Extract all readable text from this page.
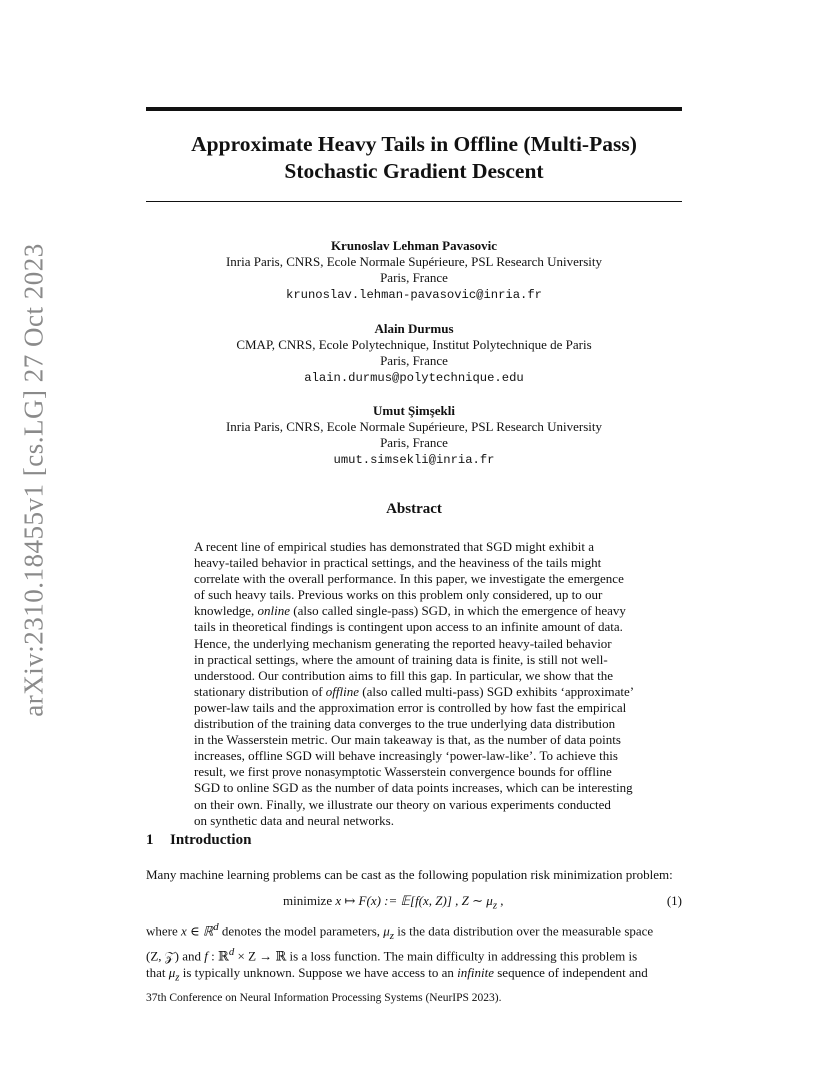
arXiv:2310.18455v1 [cs.LG] 27 Oct 2023
Approximate Heavy Tails in Offline (Multi-Pass)
Stochastic Gradient Descent
Krunoslav Lehman Pavasovic
Inria Paris, CNRS, Ecole Normale Supérieure, PSL Research University
Paris, France
krunoslav.lehman-pavasovic@inria.fr
Alain Durmus
CMAP, CNRS, Ecole Polytechnique, Institut Polytechnique de Paris
Paris, France
alain.durmus@polytechnique.edu
Umut Şimşekli
Inria Paris, CNRS, Ecole Normale Supérieure, PSL Research University
Paris, France
umut.simsekli@inria.fr
Abstract
A recent line of empirical studies has demonstrated that SGD might exhibit a
heavy-tailed behavior in practical settings, and the heaviness of the tails might
correlate with the overall performance. In this paper, we investigate the emergence
of such heavy tails. Previous works on this problem only considered, up to our
knowledge, online (also called single-pass) SGD, in which the emergence of heavy
tails in theoretical findings is contingent upon access to an infinite amount of data.
Hence, the underlying mechanism generating the reported heavy-tailed behavior
in practical settings, where the amount of training data is finite, is still not well-
understood. Our contribution aims to fill this gap. In particular, we show that the
stationary distribution of offline (also called multi-pass) SGD exhibits ‘approximate’
power-law tails and the approximation error is controlled by how fast the empirical
distribution of the training data converges to the true underlying data distribution
in the Wasserstein metric. Our main takeaway is that, as the number of data points
increases, offline SGD will behave increasingly ‘power-law-like’. To achieve this
result, we first prove nonasymptotic Wasserstein convergence bounds for offline
SGD to online SGD as the number of data points increases, which can be interesting
on their own. Finally, we illustrate our theory on various experiments conducted
on synthetic data and neural networks.
1 Introduction
Many machine learning problems can be cast as the following population risk minimization problem:
minimize x ↦ F(x) := 𝔼[f(x, Z)] , Z ∼ $\mu_z$ ,	(1)
where x ∈ ℝ$^d$ denotes the model parameters, $\mu_z$ is the data distribution over the measurable space
(Z, 𝒵) and f : ℝ$^d$ × Z → ℝ is a loss function. The main difficulty in addressing this problem is
that $\mu_z$ is typically unknown. Suppose we have access to an infinite sequence of independent and
37th Conference on Neural Information Processing Systems (NeurIPS 2023).
